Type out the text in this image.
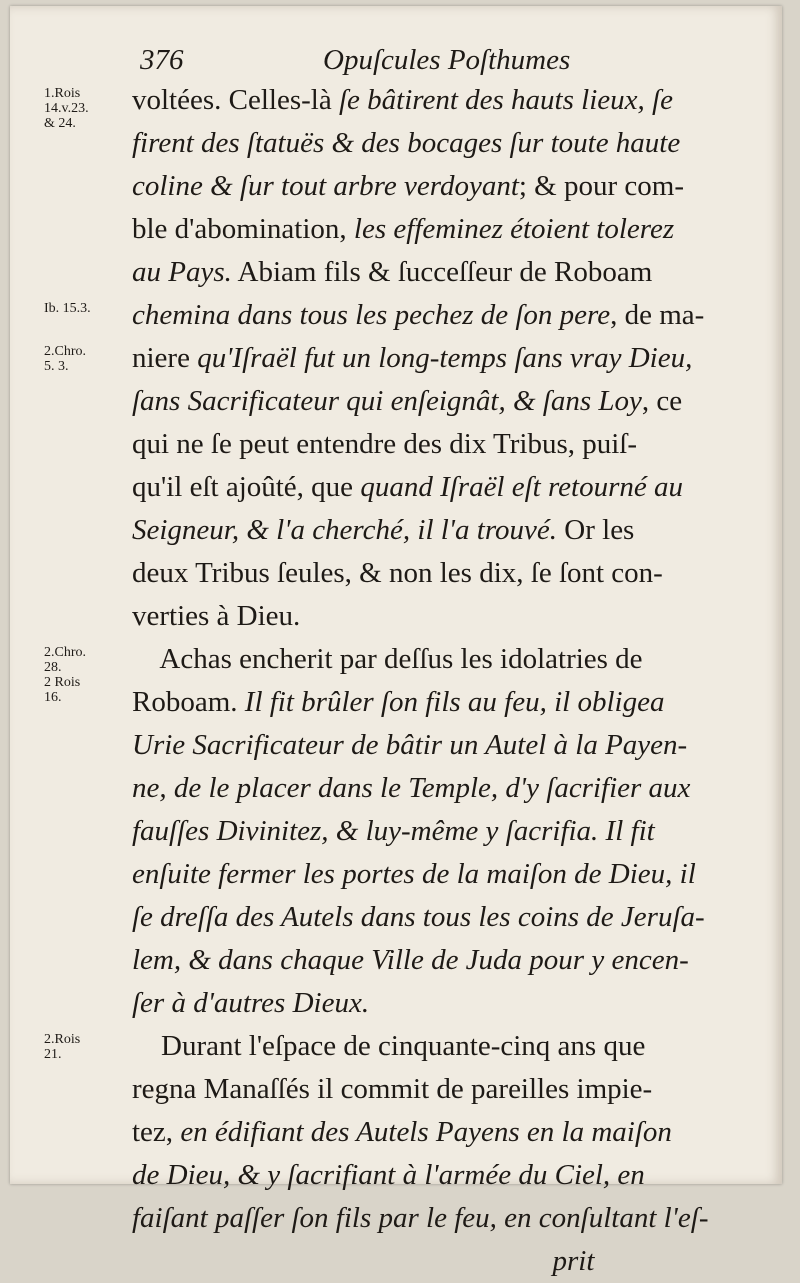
376	Opuſcules Poſthumes
1.Rois
14.v.23.
& 24.
Ib. 15.3.
2.Chro.
5. 3.
2.Chro.
28.
2 Rois
16.
2.Rois
21.
voltées. Celles-là ſe bâtirent des hauts lieux, ſe
firent des ſtatuës & des bocages ſur toute haute
coline & ſur tout arbre verdoyant; & pour com-
ble d'abomination, les effeminez étoient tolerez
au Pays. Abiam fils & ſucceſſeur de Roboam
chemina dans tous les pechez de ſon pere, de ma-
niere qu'Iſraël fut un long-temps ſans vray Dieu,
ſans Sacrificateur qui enſeignât, & ſans Loy, ce
qui ne ſe peut entendre des dix Tribus, puiſ-
qu'il eſt ajoûté, que quand Iſraël eſt retourné au
Seigneur, & l'a cherché, il l'a trouvé. Or les
deux Tribus ſeules, & non les dix, ſe ſont con-
verties à Dieu.
Achas encherit par deſſus les idolatries de
Roboam. Il fit brûler ſon fils au feu, il obligea
Urie Sacrificateur de bâtir un Autel à la Payen-
ne, de le placer dans le Temple, d'y ſacrifier aux
fauſſes Divinitez, & luy-même y ſacrifia. Il fit
enſuite fermer les portes de la maiſon de Dieu, il
ſe dreſſa des Autels dans tous les coins de Jeruſa-
lem, & dans chaque Ville de Juda pour y encen-
ſer à d'autres Dieux.
Durant l'eſpace de cinquante-cinq ans que
regna Manaſſés il commit de pareilles impie-
tez, en édifiant des Autels Payens en la maiſon
de Dieu, & y ſacrifiant à l'armée du Ciel, en
faiſant paſſer ſon fils par le feu, en conſultant l'eſ-
prit
